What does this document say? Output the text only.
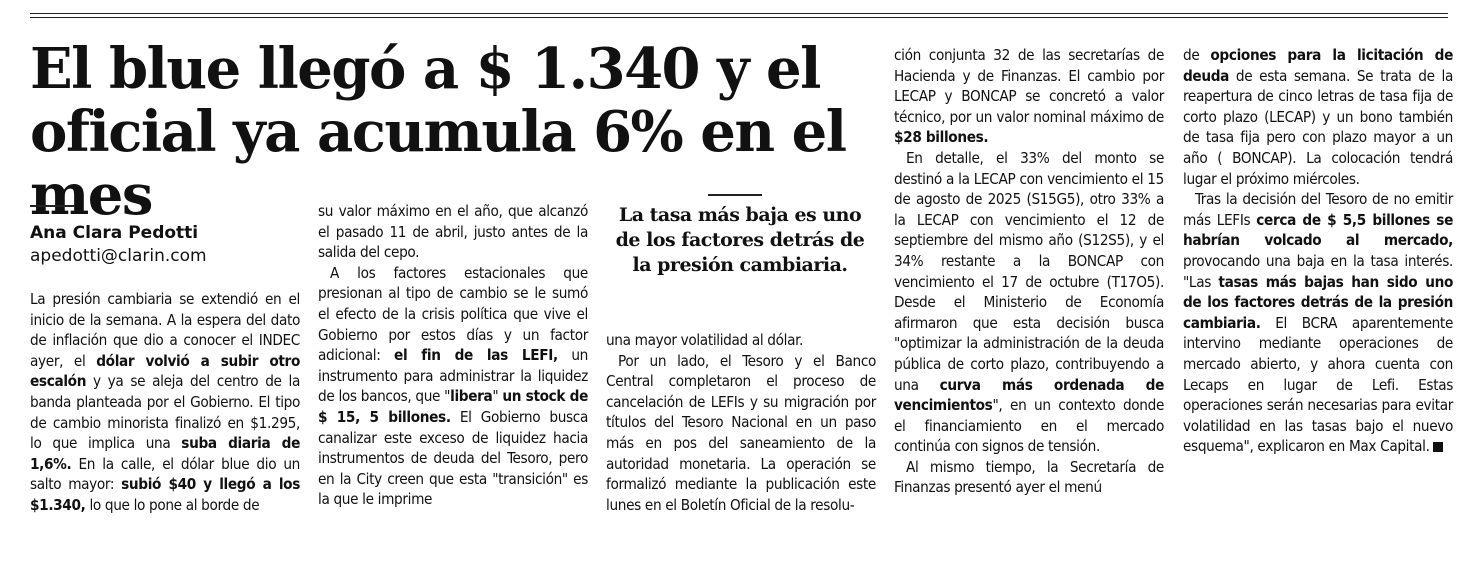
El blue llegó a $ 1.340 y el oficial ya acumula 6% en el mes
Ana Clara Pedotti
apedotti@clarin.com

La presión cambiaria se extendió en el inicio de la semana. A la espera del dato de inflación que dio a conocer el INDEC ayer, el dólar volvió a subir otro escalón y ya se aleja del centro de la banda planteada por el Gobierno. El tipo de cambio minorista finalizó en $1.295, lo que implica una suba diaria de 1,6%. En la calle, el dólar blue dio un salto mayor: subió $40 y llegó a los $1.340, lo que lo pone al borde de

su valor máximo en el año, que alcanzó el pasado 11 de abril, justo antes de la salida del cepo.

A los factores estacionales que presionan al tipo de cambio se le sumó el efecto de la crisis política que vive el Gobierno por estos días y un factor adicional: el fin de las LEFI, un instrumento para administrar la liquidez de los bancos, que "libera" un stock de $ 15, 5 billones. El Gobierno busca canalizar este exceso de liquidez hacia instrumentos de deuda del Tesoro, pero en la City creen que esta "transición" es la que le imprime

La tasa más baja es uno de los factores detrás de la presión cambiaria.

una mayor volatilidad al dólar.

Por un lado, el Tesoro y el Banco Central completaron el proceso de cancelación de LEFIs y su migración por títulos del Tesoro Nacional en un paso más en pos del saneamiento de la autoridad monetaria. La operación se formalizó mediante la publicación este lunes en el Boletín Oficial de la resolu-

ción conjunta 32 de las secretarías de Hacienda y de Finanzas. El cambio por LECAP y BONCAP se concretó a valor técnico, por un valor nominal máximo de $28 billones.

En detalle, el 33% del monto se destinó a la LECAP con vencimiento el 15 de agosto de 2025 (S15G5), otro 33% a la LECAP con vencimiento el 12 de septiembre del mismo año (S12S5), y el 34% restante a la BONCAP con vencimiento el 17 de octubre (T17O5). Desde el Ministerio de Economía afirmaron que esta decisión busca "optimizar la administración de la deuda pública de corto plazo, contribuyendo a una curva más ordenada de vencimientos", en un contexto donde el financiamiento en el mercado continúa con signos de tensión.

Al mismo tiempo, la Secretaría de Finanzas presentó ayer el menú

de opciones para la licitación de deuda de esta semana. Se trata de la reapertura de cinco letras de tasa fija de corto plazo (LECAP) y un bono también de tasa fija pero con plazo mayor a un año ( BONCAP). La colocación tendrá lugar el próximo miércoles.

Tras la decisión del Tesoro de no emitir más LEFIs cerca de $ 5,5 billones se habrían volcado al mercado, provocando una baja en la tasa interés. "Las tasas más bajas han sido uno de los factores detrás de la presión cambiaria. El BCRA aparentemente intervino mediante operaciones de mercado abierto, y ahora cuenta con Lecaps en lugar de Lefi. Estas operaciones serán necesarias para evitar volatilidad en las tasas bajo el nuevo esquema", explicaron en Max Capital.
